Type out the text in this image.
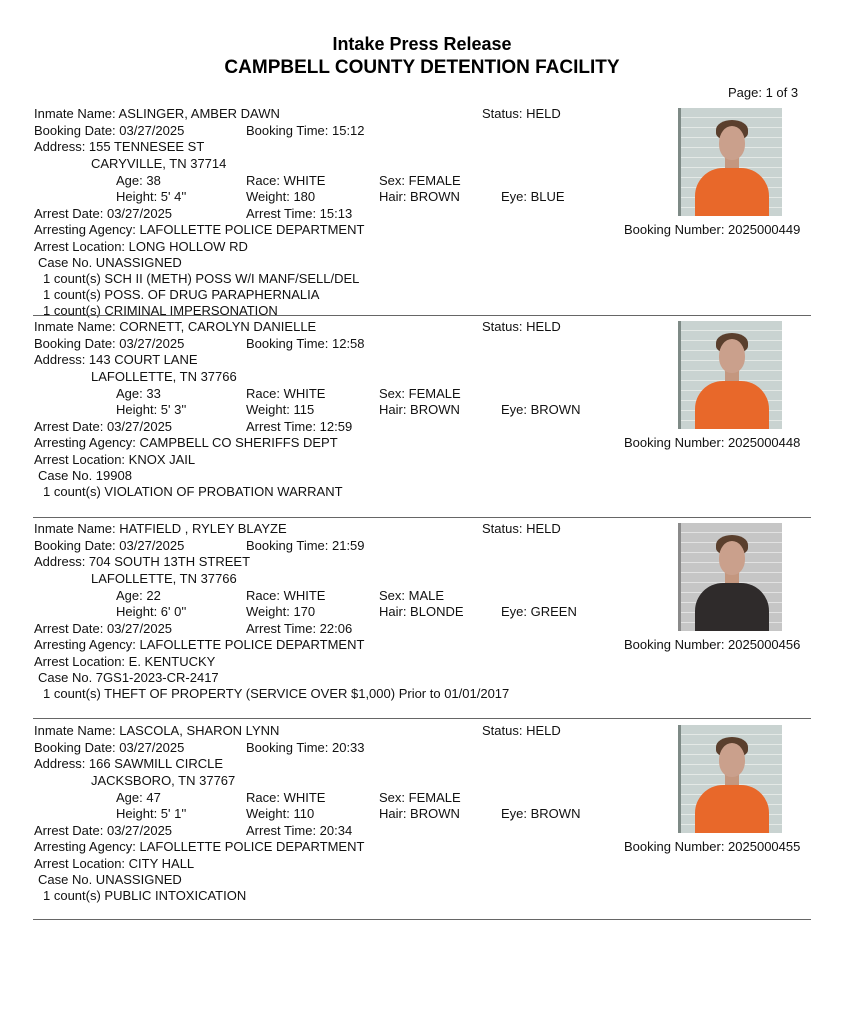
Intake Press Release
CAMPBELL COUNTY DETENTION FACILITY
Page: 1 of 3
Inmate Name: ASLINGER, AMBER DAWN	Status: HELD
Booking Date: 03/27/2025	Booking Time: 15:12
Address: 155 TENNESEE ST
CARYVILLE, TN 37714
Age: 38	Race: WHITE	Sex: FEMALE
Height: 5' 4''	Weight: 180	Hair: BROWN	Eye: BLUE
Arrest Date: 03/27/2025	Arrest Time: 15:13
Arresting Agency: LAFOLLETTE POLICE DEPARTMENT	Booking Number: 2025000449
Arrest Location: LONG HOLLOW RD
Case No. UNASSIGNED
1 count(s) SCH II (METH) POSS W/I MANF/SELL/DEL
1 count(s) POSS. OF DRUG PARAPHERNALIA
1 count(s) CRIMINAL IMPERSONATION
Inmate Name: CORNETT, CAROLYN DANIELLE	Status: HELD
Booking Date: 03/27/2025	Booking Time: 12:58
Address: 143 COURT LANE
LAFOLLETTE, TN 37766
Age: 33	Race: WHITE	Sex: FEMALE
Height: 5' 3''	Weight: 115	Hair: BROWN	Eye: BROWN
Arrest Date: 03/27/2025	Arrest Time: 12:59
Arresting Agency: CAMPBELL CO SHERIFFS DEPT	Booking Number: 2025000448
Arrest Location: KNOX JAIL
Case No. 19908
1 count(s) VIOLATION OF PROBATION WARRANT
Inmate Name: HATFIELD , RYLEY BLAYZE	Status: HELD
Booking Date: 03/27/2025	Booking Time: 21:59
Address: 704 SOUTH 13TH STREET
LAFOLLETTE, TN 37766
Age: 22	Race: WHITE	Sex: MALE
Height: 6' 0''	Weight: 170	Hair: BLONDE	Eye: GREEN
Arrest Date: 03/27/2025	Arrest Time: 22:06
Arresting Agency: LAFOLLETTE POLICE DEPARTMENT	Booking Number: 2025000456
Arrest Location: E. KENTUCKY
Case No. 7GS1-2023-CR-2417
1 count(s) THEFT OF PROPERTY (SERVICE OVER $1,000) Prior to 01/01/2017
Inmate Name: LASCOLA, SHARON LYNN	Status: HELD
Booking Date: 03/27/2025	Booking Time: 20:33
Address: 166 SAWMILL CIRCLE
JACKSBORO, TN 37767
Age: 47	Race: WHITE	Sex: FEMALE
Height: 5' 1''	Weight: 110	Hair: BROWN	Eye: BROWN
Arrest Date: 03/27/2025	Arrest Time: 20:34
Arresting Agency: LAFOLLETTE POLICE DEPARTMENT	Booking Number: 2025000455
Arrest Location: CITY HALL
Case No. UNASSIGNED
1 count(s) PUBLIC INTOXICATION
